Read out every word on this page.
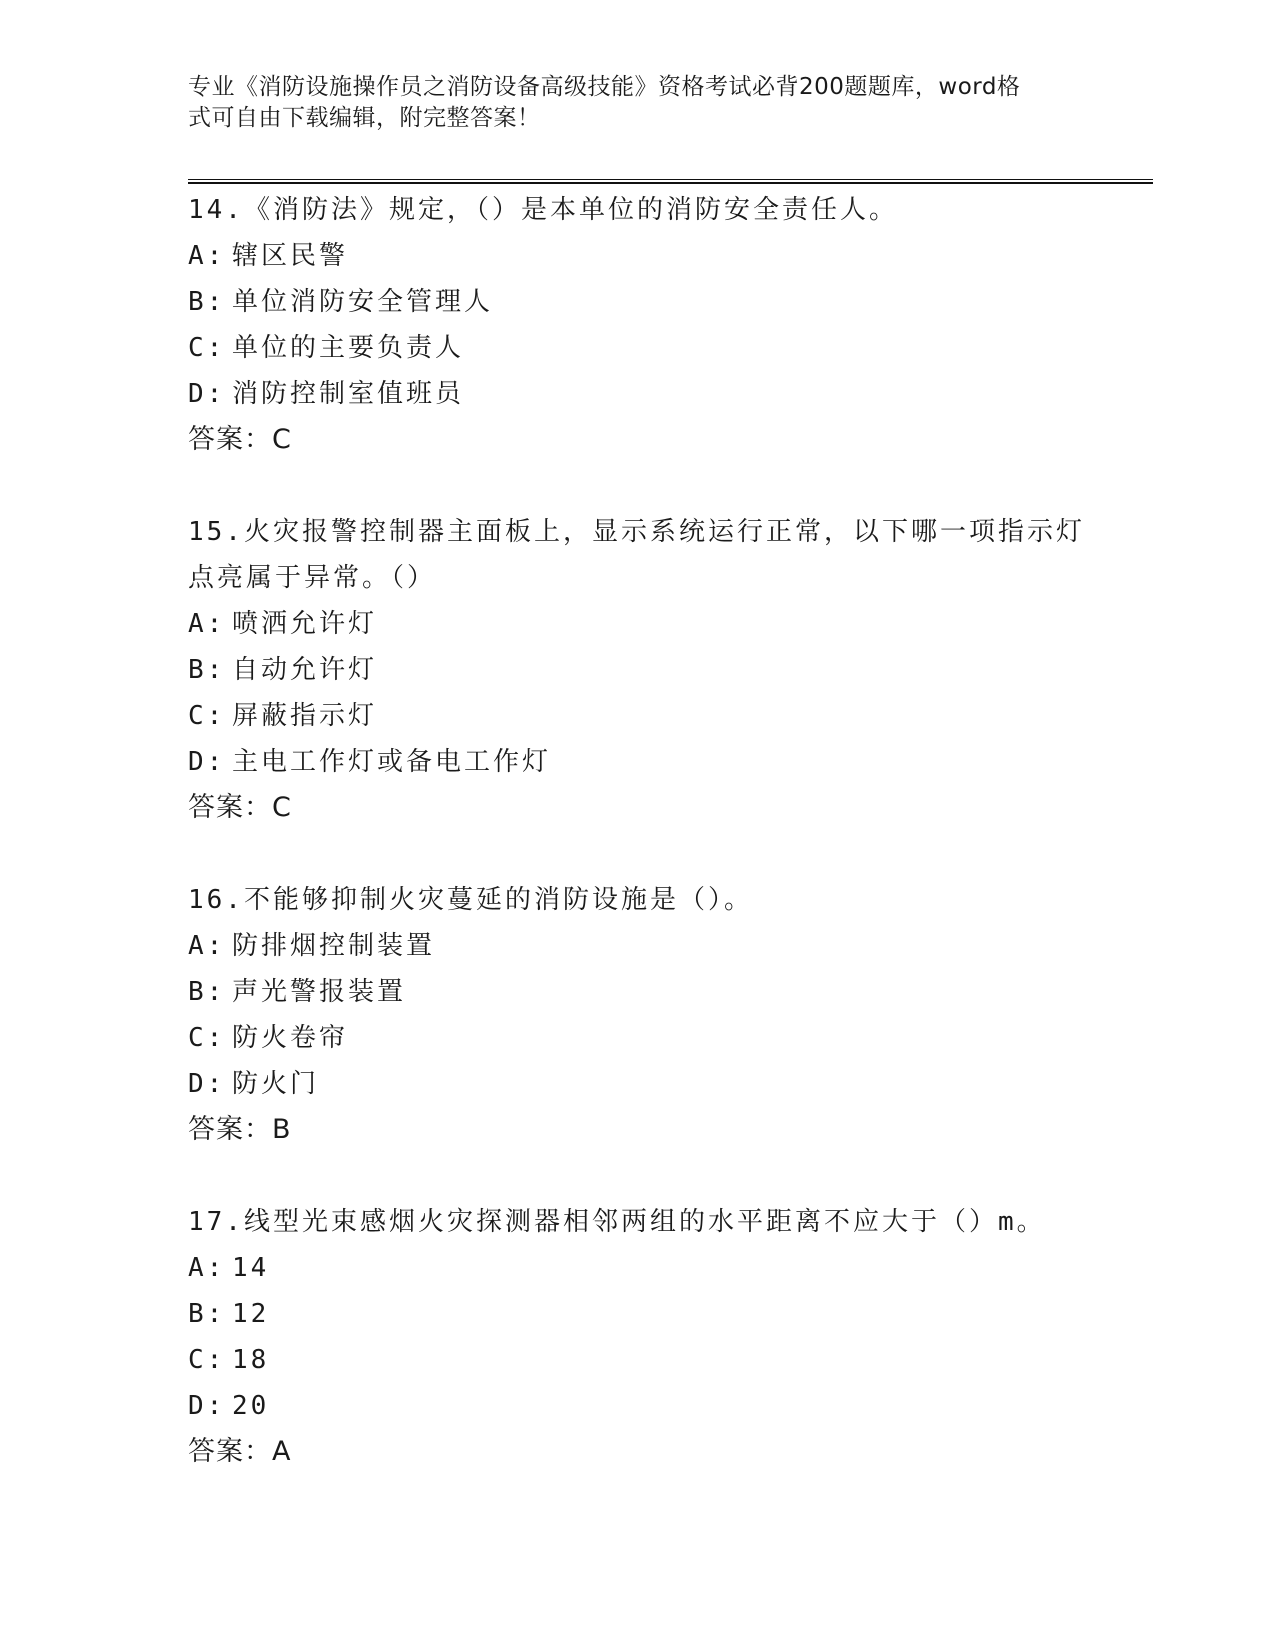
专业《消防设施操作员之消防设备高级技能》资格考试必背200题题库，word格
式可自由下载编辑，附完整答案！
14.《消防法》规定，（）是本单位的消防安全责任人。
A: 辖区民警
B: 单位消防安全管理人
C: 单位的主要负责人
D: 消防控制室值班员
答案：C
15.火灾报警控制器主面板上，显示系统运行正常，以下哪一项指示灯
点亮属于异常。（）
A: 喷洒允许灯
B: 自动允许灯
C: 屏蔽指示灯
D: 主电工作灯或备电工作灯
答案：C
16.不能够抑制火灾蔓延的消防设施是（）。
A: 防排烟控制装置
B: 声光警报装置
C: 防火卷帘
D: 防火门
答案：B
17.线型光束感烟火灾探测器相邻两组的水平距离不应大于（）m。
A: 14
B: 12
C: 18
D: 20
答案：A
